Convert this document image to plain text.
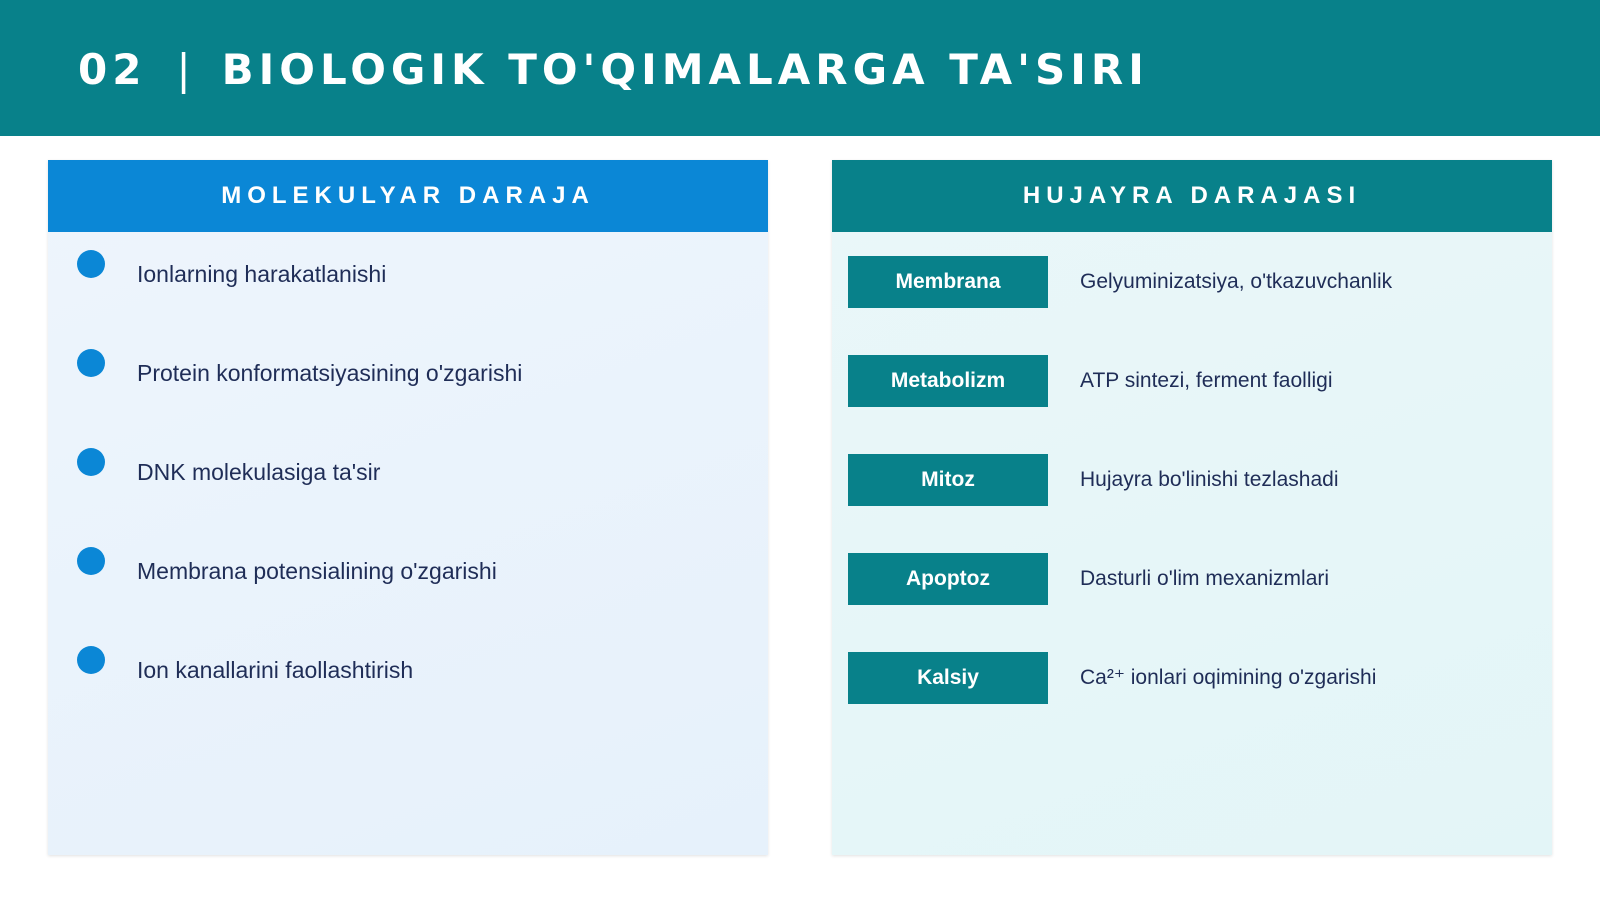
02 | BIOLOGIK TO'QIMALARGA TA'SIRI
MOLEKULYAR DARAJA
Ionlarning harakatlanishi
Protein konformatsiyasining o'zgarishi
DNK molekulasiga ta'sir
Membrana potensialining o'zgarishi
Ion kanallarini faollashtirish
HUJAYRA DARAJASI
Membrana	Gelyuminizatsiya, o'tkazuvchanlik
Metabolizm	ATP sintezi, ferment faolligi
Mitoz	Hujayra bo'linishi tezlashadi
Apoptoz	Dasturli o'lim mexanizmlari
Kalsiy	Ca²⁺ ionlari oqimining o'zgarishi
